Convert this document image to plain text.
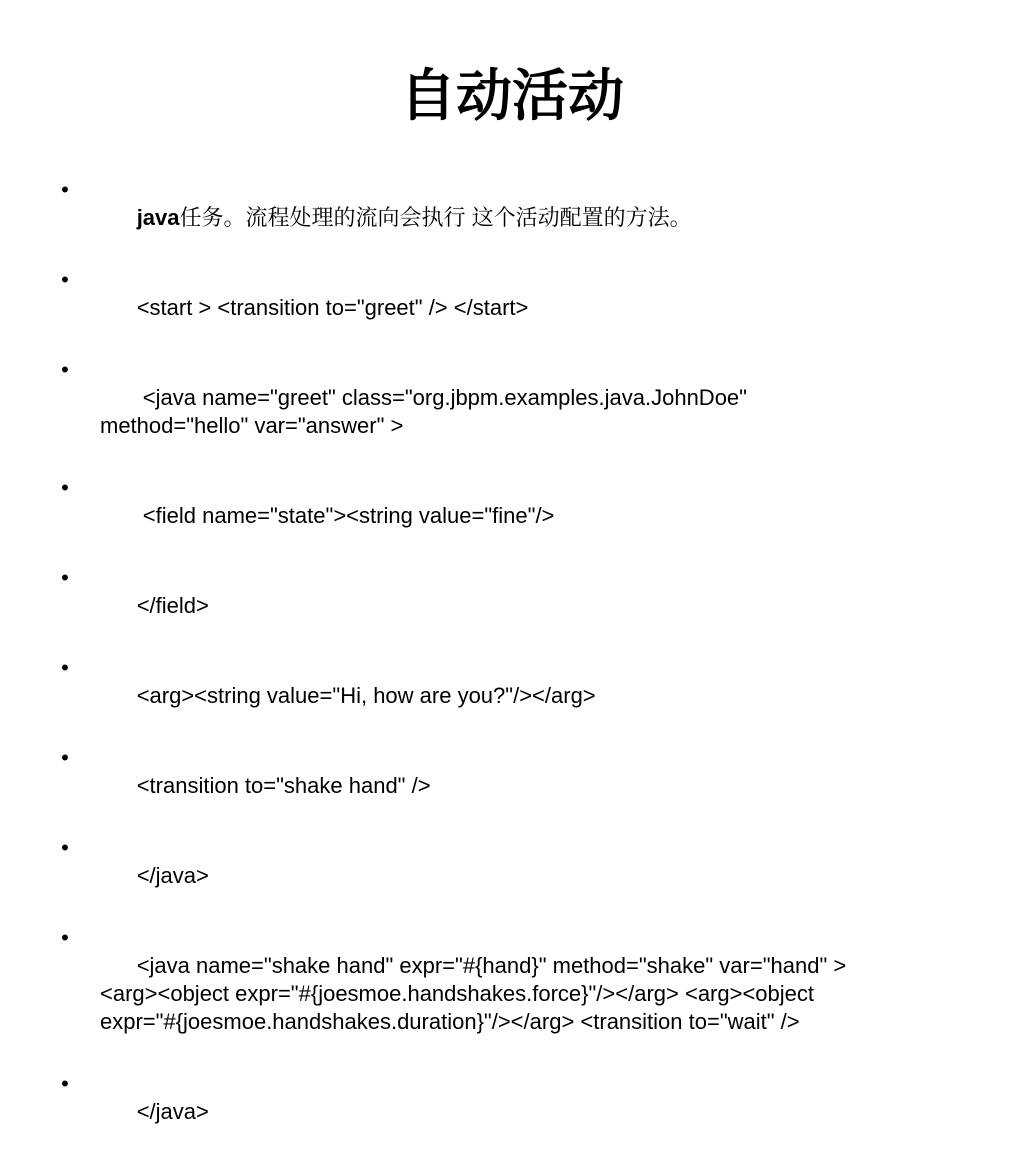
自动活动

•
java任务。流程处理的流向会执行 这个活动配置的方法。

•
<start > <transition to="greet" /> </start>

•
<java name="greet" class="org.jbpm.examples.java.JohnDoe"
method="hello" var="answer" >

•
<field name="state"><string value="fine"/>

•
</field>

•
<arg><string value="Hi, how are you?"/></arg>

•
<transition to="shake hand" />

•
</java>

•
<java name="shake hand" expr="#{hand}" method="shake" var="hand" >
<arg><object expr="#{joesmoe.handshakes.force}"/></arg> <arg><object
expr="#{joesmoe.handshakes.duration}"/></arg> <transition to="wait" />

•
</java>
